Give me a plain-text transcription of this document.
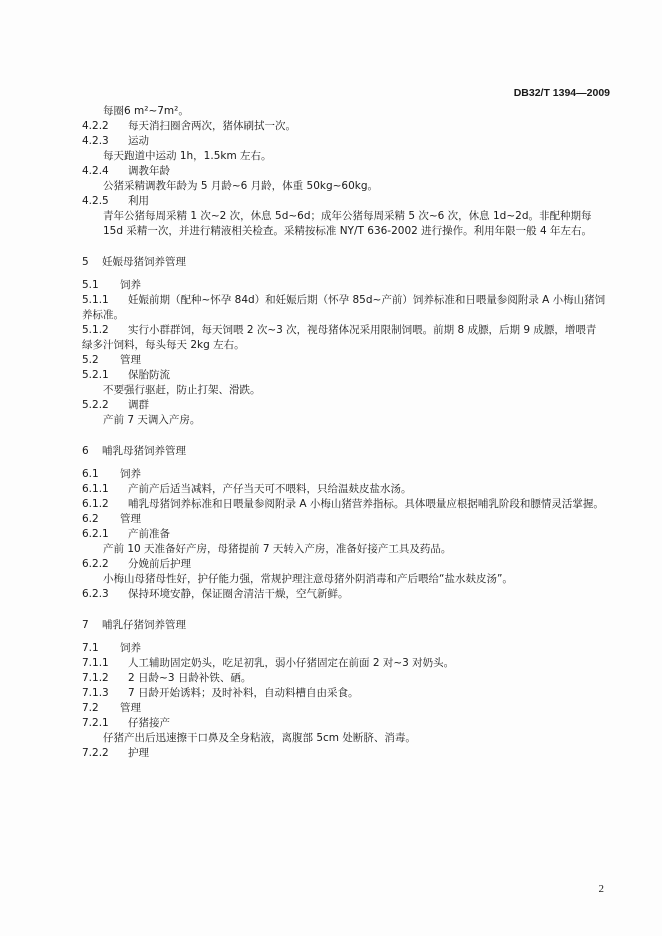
DB32/T 1394—2009
每圈6 m²~7m²。
4.2.2	每天消扫圈舍两次，猪体刷拭一次。
4.2.3	运动
每天跑道中运动 1h，1.5km 左右。
4.2.4	调教年龄
公猪采精调教年龄为 5 月龄~6 月龄，体重 50kg~60kg。
4.2.5	利用
青年公猪每周采精 1 次~2 次，休息 5d~6d；成年公猪每周采精 5 次~6 次，休息 1d~2d。非配种期每 15d 采精一次，并进行精液相关检查。采精按标准 NY/T 636-2002 进行操作。利用年限一般 4 年左右。
5	妊娠母猪饲养管理
5.1	饲养
5.1.1 妊娠前期（配种~怀孕 84d）和妊娠后期（怀孕 85d~产前）饲养标准和日喂量参阅附录 A 小梅山猪饲养标准。
5.1.2 实行小群群饲，每天饲喂 2 次~3 次，视母猪体况采用限制饲喂。前期 8 成膘，后期 9 成膘，增喂青绿多汁饲料，每头每天 2kg 左右。
5.2	管理
5.2.1	保胎防流
不要强行驱赶，防止打架、滑跌。
5.2.2	调群
产前 7 天调入产房。
6	哺乳母猪饲养管理
6.1	饲养
6.1.1	产前产后适当减料，产仔当天可不喂料，只给温麸皮盐水汤。
6.1.2 哺乳母猪饲养标准和日喂量参阅附录 A 小梅山猪营养指标。具体喂量应根据哺乳阶段和膘情灵活掌握。
6.2	管理
6.2.1	产前准备
产前 10 天准备好产房，母猪提前 7 天转入产房，准备好接产工具及药品。
6.2.2	分娩前后护理
小梅山母猪母性好，护仔能力强，常规护理注意母猪外阴消毒和产后喂给“盐水麸皮汤”。
6.2.3	保持环境安静，保证圈舍清洁干燥，空气新鲜。
7	哺乳仔猪饲养管理
7.1	饲养
7.1.1	人工辅助固定奶头，吃足初乳，弱小仔猪固定在前面 2 对~3 对奶头。
7.1.2	2 日龄~3 日龄补铁、硒。
7.1.3	7 日龄开始诱料；及时补料，自动料槽自由采食。
7.2	管理
7.2.1	仔猪接产
仔猪产出后迅速擦干口鼻及全身粘液，离腹部 5cm 处断脐、消毒。
7.2.2	护理
2
